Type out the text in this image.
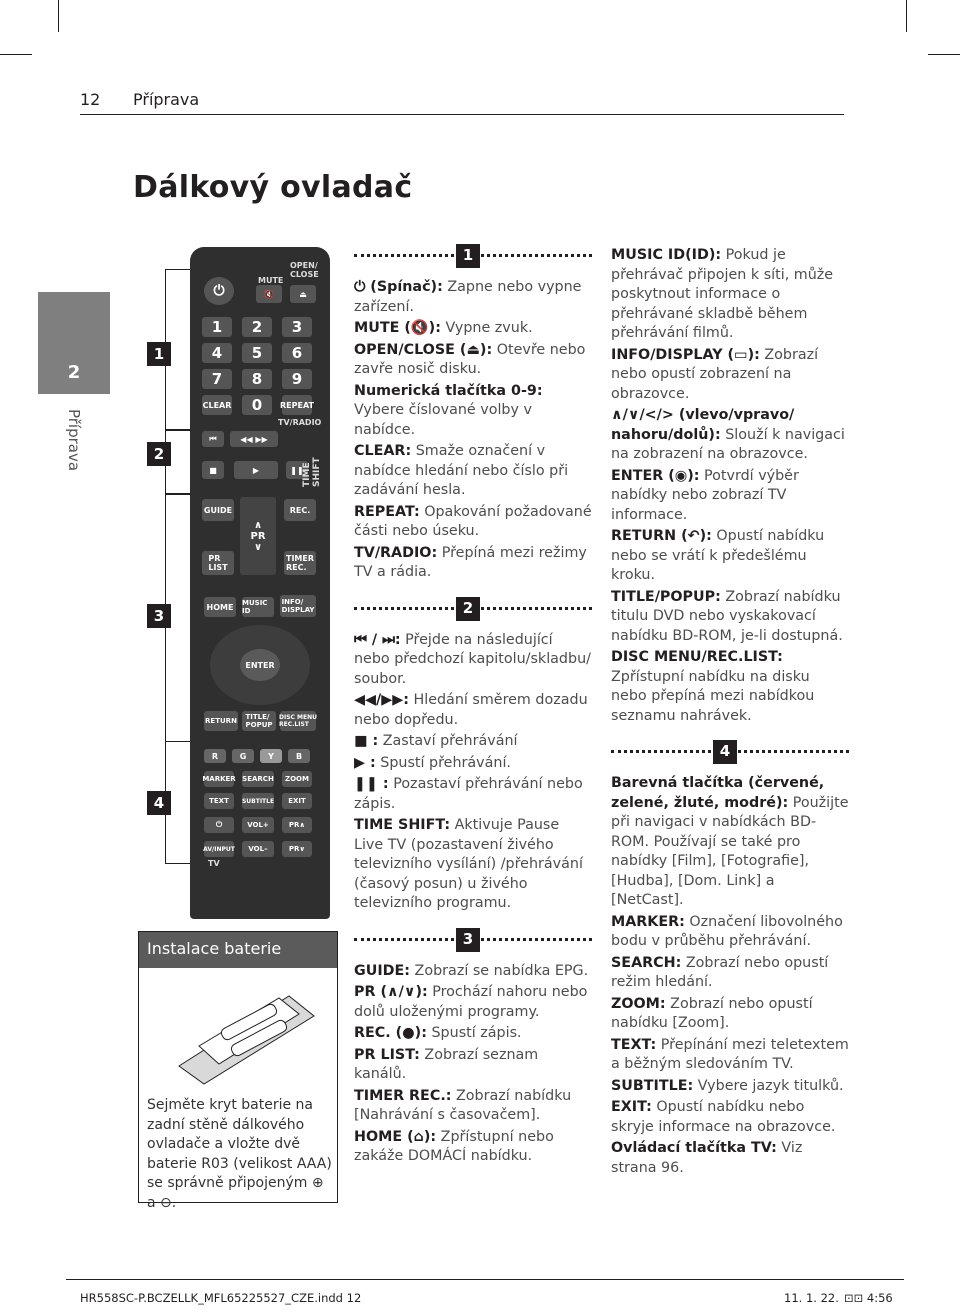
12 Příprava
Dálkový ovladač
2
Příprava
1
2
3
4
MUTE
OPEN/
CLOSE
⏻	🔇	⏏
1	2	3
4	5	6
7	8	9
CLEAR	0	REPEAT
TV/RADIO
⏮	◀◀ ▶▶
■	▶	❚❚
TIME SHIFT
GUIDE
∧
PR
∨
REC.
PR
LIST
TIMER
REC.
HOME	MUSIC ID
INFO/
DISPLAY
ENTER
RETURN	TITLE/
POPUP
DISC MENU
REC.LIST
R	G	Y	B
MARKER SEARCH	ZOOM
TEXT	SUBTITLE	EXIT
⏻	VOL+	PR∧
AV/INPUT	VOL–	PR∨
TV
Instalace baterie
Sejměte kryt baterie na zadní stěně dálkového ovladače a vložte dvě baterie R03 (velikost AAA) se správně připojeným ⊕ a ⊖.
1

⏻ (Spínač): Zapne nebo vypne zařízení.

MUTE (🔇): Vypne zvuk.

OPEN/CLOSE (⏏): Otevře nebo zavře nosič disku.

Numerická tlačítka 0-9: Vybere číslované volby v nabídce.

CLEAR: Smaže označení v nabídce hledání nebo číslo při zadávání hesla.

REPEAT: Opakování požadované části nebo úseku.

TV/RADIO: Přepíná mezi režimy TV a rádia.

2

⏮ / ⏭: Přejde na následující nebo předchozí kapitolu/skladbu/ soubor.

◀◀/▶▶: Hledání směrem dozadu nebo dopředu.

■ : Zastaví přehrávání

▶ : Spustí přehrávání.

❚❚ : Pozastaví přehrávání nebo zápis.

TIME SHIFT: Aktivuje Pause Live TV (pozastavení živého televizního vysílání) /přehrávání (časový posun) u živého televizního programu.

3

GUIDE: Zobrazí se nabídka EPG.

PR (∧/∨): Prochází nahoru nebo dolů uloženými programy.

REC. (●): Spustí zápis.

PR LIST: Zobrazí seznam kanálů.

TIMER REC.: Zobrazí nabídku [Nahrávání s časovačem].

HOME (⌂): Zpřístupní nebo zakáže DOMÁCÍ nabídku.

MUSIC ID(ID): Pokud je přehrávač připojen k síti, může poskytnout informace o přehrávané skladbě během přehrávání filmů.

INFO/DISPLAY (▭): Zobrazí nebo opustí zobrazení na obrazovce.

∧/∨/</> (vlevo/vpravo/ nahoru/dolů): Slouží k navigaci na zobrazení na obrazovce.

ENTER (◉): Potvrdí výběr nabídky nebo zobrazí TV informace.

RETURN (↶): Opustí nabídku nebo se vrátí k předešlému kroku.

TITLE/POPUP: Zobrazí nabídku titulu DVD nebo vyskakovací nabídku BD-ROM, je-li dostupná.

DISC MENU/REC.LIST: Zpřístupní nabídku na disku nebo přepíná mezi nabídkou seznamu nahrávek.

4

Barevná tlačítka (červené, zelené, žluté, modré): Použijte při navigaci v nabídkách BD-ROM. Používají se také pro nabídky [Film], [Fotografie], [Hudba], [Dom. Link] a [NetCast].

MARKER: Označení libovolného bodu v průběhu přehrávání.

SEARCH: Zobrazí nebo opustí režim hledání.

ZOOM: Zobrazí nebo opustí nabídku [Zoom].

TEXT: Přepínání mezi teletextem a běžným sledováním TV.

SUBTITLE: Vybere jazyk titulků.

EXIT: Opustí nabídku nebo skryje informace na obrazovce.

Ovládací tlačítka TV: Viz strana 96.

HR558SC-P.BCZELLK_MFL65225527_CZE.indd 12	11. 1. 22. ⊡⊡ 4:56
